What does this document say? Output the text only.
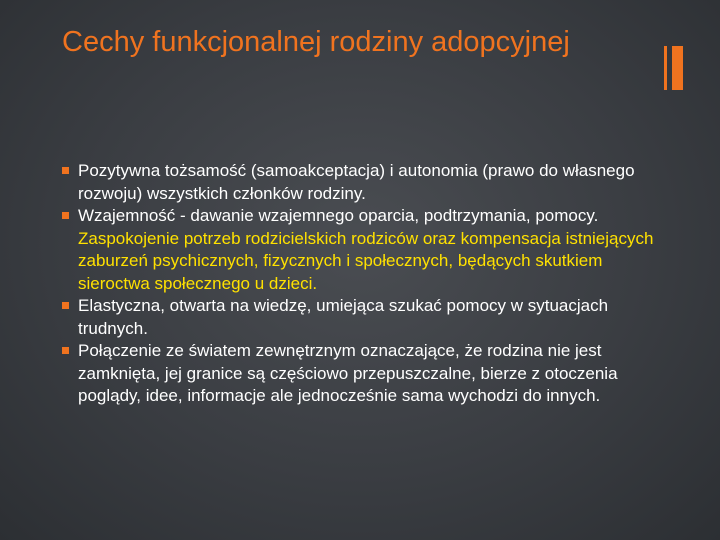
Cechy funkcjonalnej rodziny adopcyjnej
Pozytywna tożsamość (samoakceptacja) i autonomia (prawo do własnego rozwoju) wszystkich członków rodziny.
Wzajemność - dawanie wzajemnego oparcia, podtrzymania, pomocy. Zaspokojenie potrzeb rodzicielskich rodziców oraz kompensacja istniejących zaburzeń psychicznych, fizycznych i społecznych, będących skutkiem sieroctwa społecznego u dzieci.
Elastyczna, otwarta na wiedzę, umiejąca szukać pomocy w sytuacjach trudnych.
Połączenie ze światem zewnętrznym oznaczające, że rodzina nie jest zamknięta, jej granice są częściowo przepuszczalne, bierze z otoczenia poglądy, idee, informacje ale jednocześnie sama wychodzi do innych.
